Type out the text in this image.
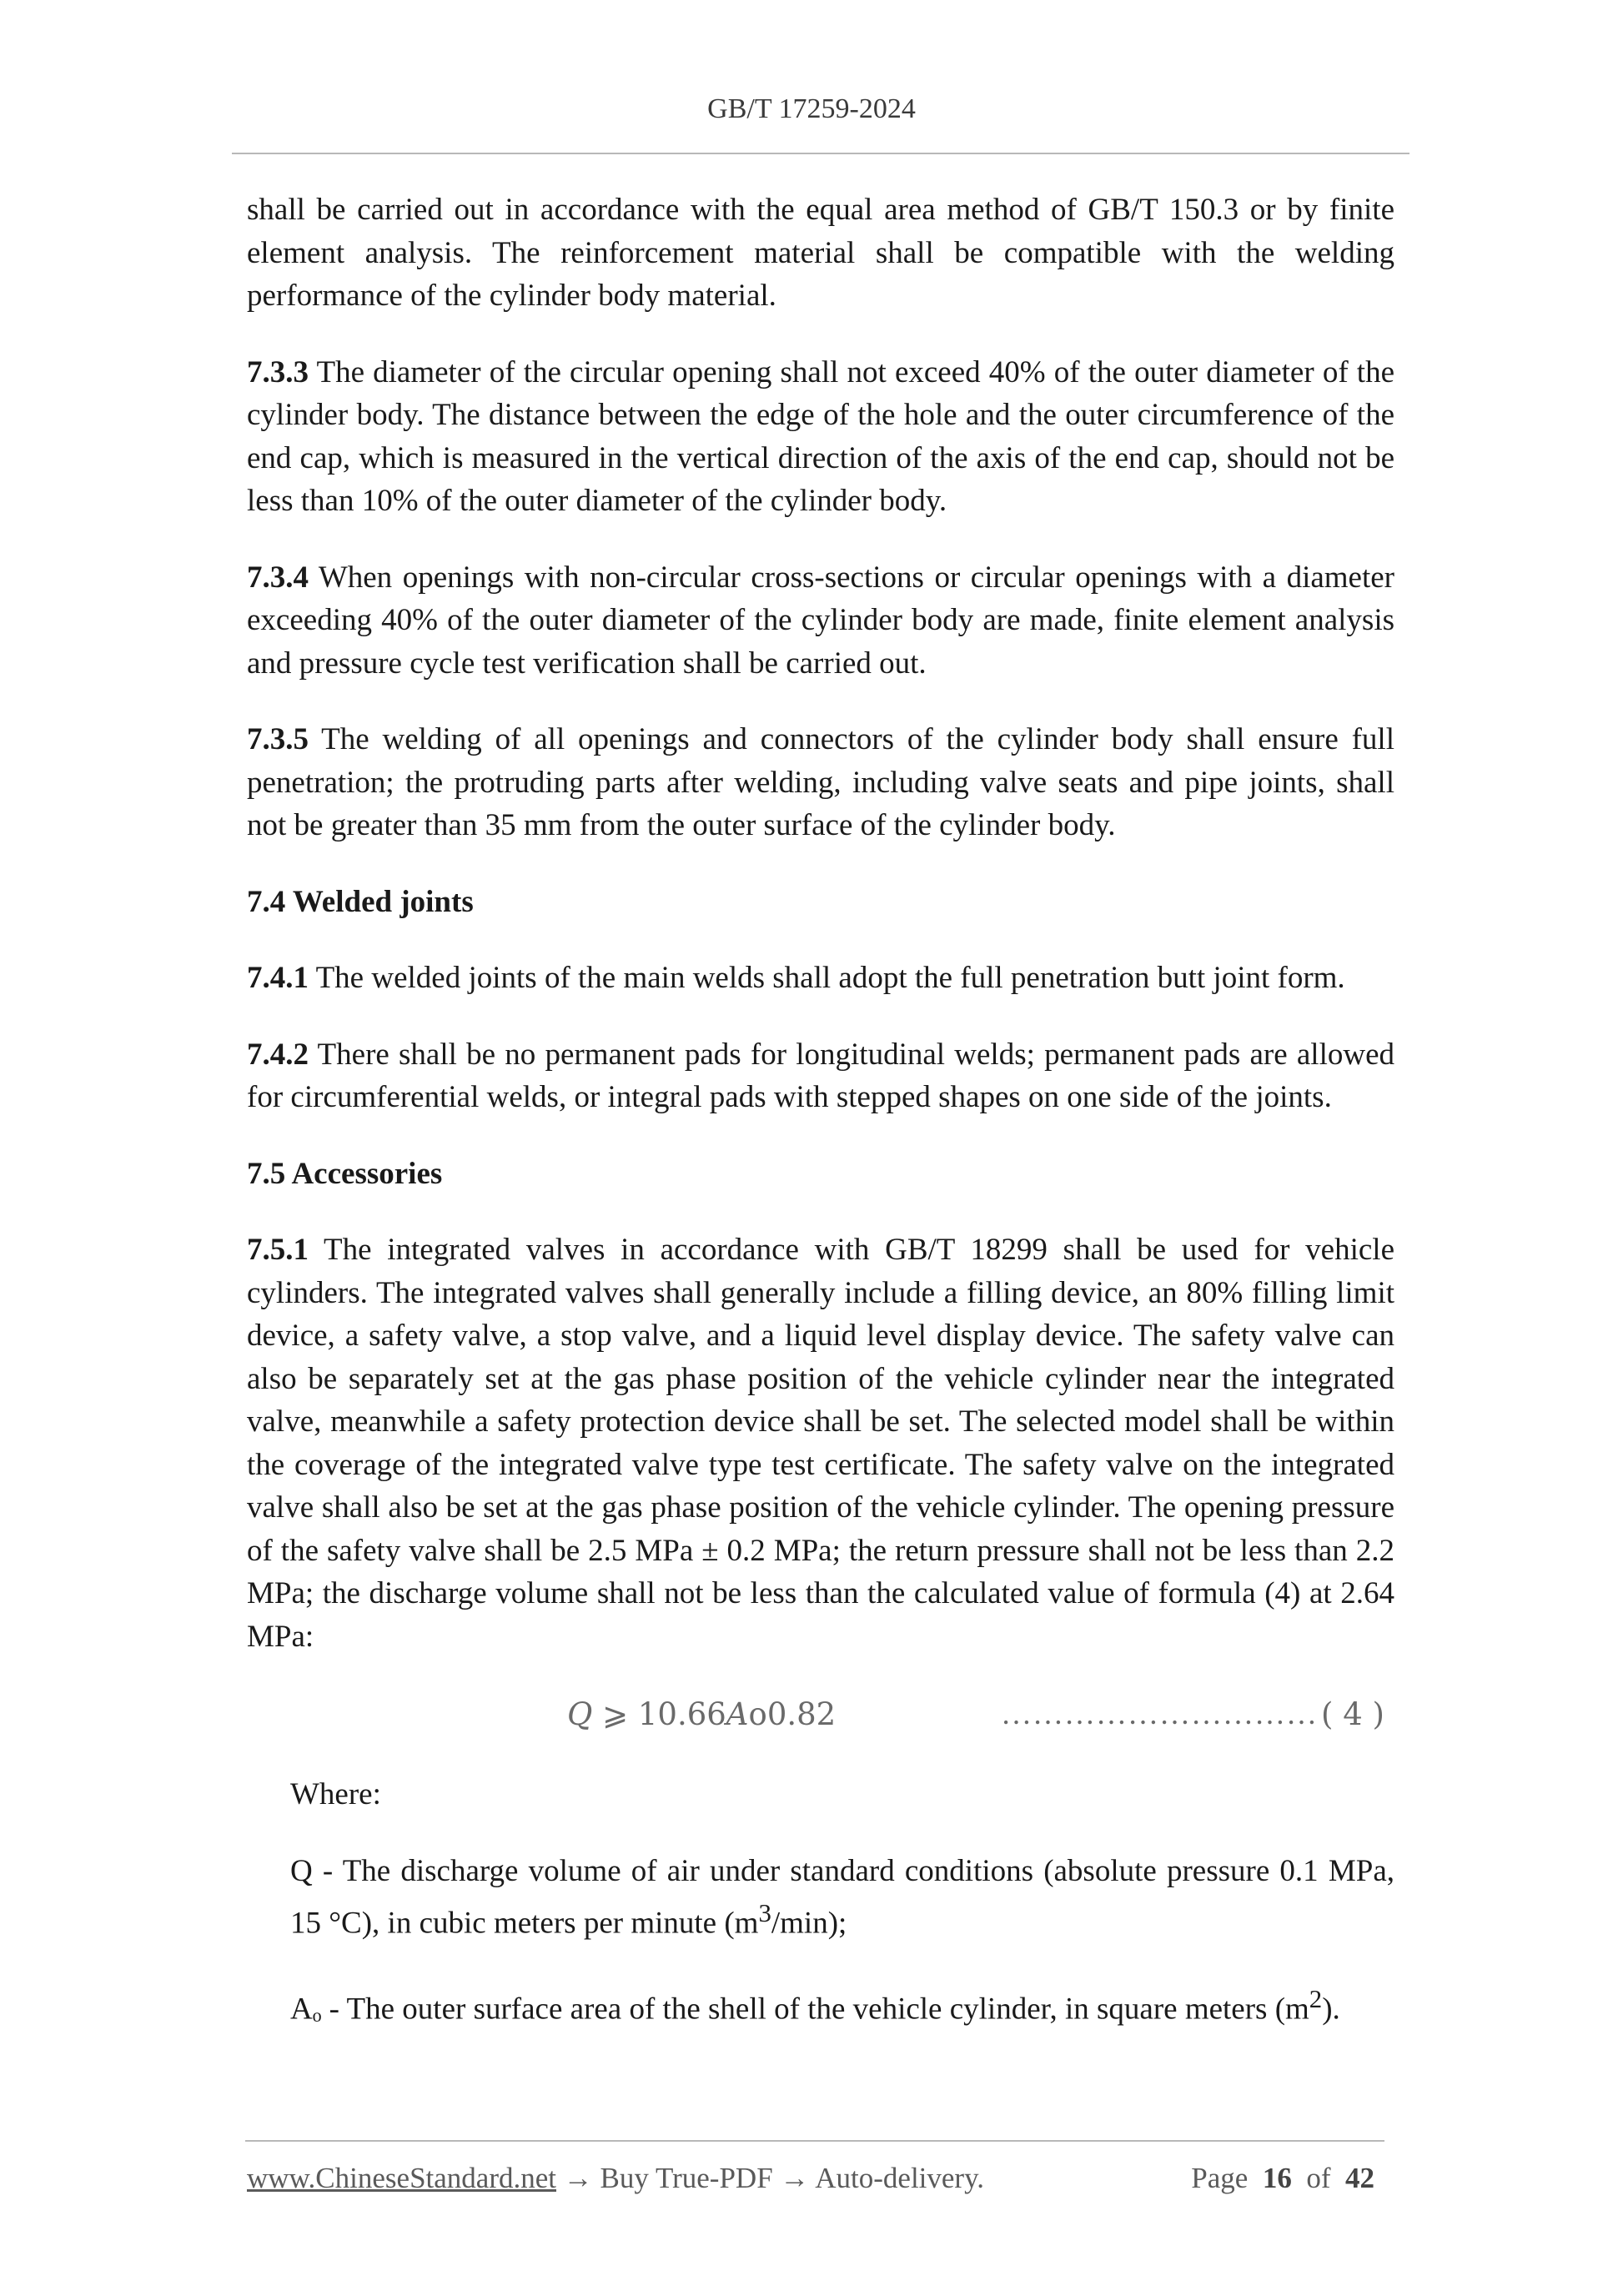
GB/T 17259-2024

shall be carried out in accordance with the equal area method of GB/T 150.3 or by finite element analysis. The reinforcement material shall be compatible with the welding performance of the cylinder body material.

7.3.3 The diameter of the circular opening shall not exceed 40% of the outer diameter of the cylinder body. The distance between the edge of the hole and the outer circumference of the end cap, which is measured in the vertical direction of the axis of the end cap, should not be less than 10% of the outer diameter of the cylinder body.

7.3.4 When openings with non-circular cross-sections or circular openings with a diameter exceeding 40% of the outer diameter of the cylinder body are made, finite element analysis and pressure cycle test verification shall be carried out.

7.3.5 The welding of all openings and connectors of the cylinder body shall ensure full penetration; the protruding parts after welding, including valve seats and pipe joints, shall not be greater than 35 mm from the outer surface of the cylinder body.

7.4 Welded joints

7.4.1 The welded joints of the main welds shall adopt the full penetration butt joint form.

7.4.2 There shall be no permanent pads for longitudinal welds; permanent pads are allowed for circumferential welds, or integral pads with stepped shapes on one side of the joints.

7.5 Accessories

7.5.1 The integrated valves in accordance with GB/T 18299 shall be used for vehicle cylinders. The integrated valves shall generally include a filling device, an 80% filling limit device, a safety valve, a stop valve, and a liquid level display device. The safety valve can also be separately set at the gas phase position of the vehicle cylinder near the integrated valve, meanwhile a safety protection device shall be set. The selected model shall be within the coverage of the integrated valve type test certificate. The safety valve on the integrated valve shall also be set at the gas phase position of the vehicle cylinder. The opening pressure of the safety valve shall be 2.5 MPa ± 0.2 MPa; the return pressure shall not be less than 2.2 MPa; the discharge volume shall not be less than the calculated value of formula (4) at 2.64 MPa:

Q ⩾ 10.66Ao0.82	………………………… ( 4 )

Where:

Q - The discharge volume of air under standard conditions (absolute pressure 0.1 MPa, 15 °C), in cubic meters per minute $(m^3/\min)$;

Aₒ - The outer surface area of the shell of the vehicle cylinder, in square meters $(m^2)$.

www.ChineseStandard.net → Buy True-PDF → Auto-delivery.	Page 16 of 42
